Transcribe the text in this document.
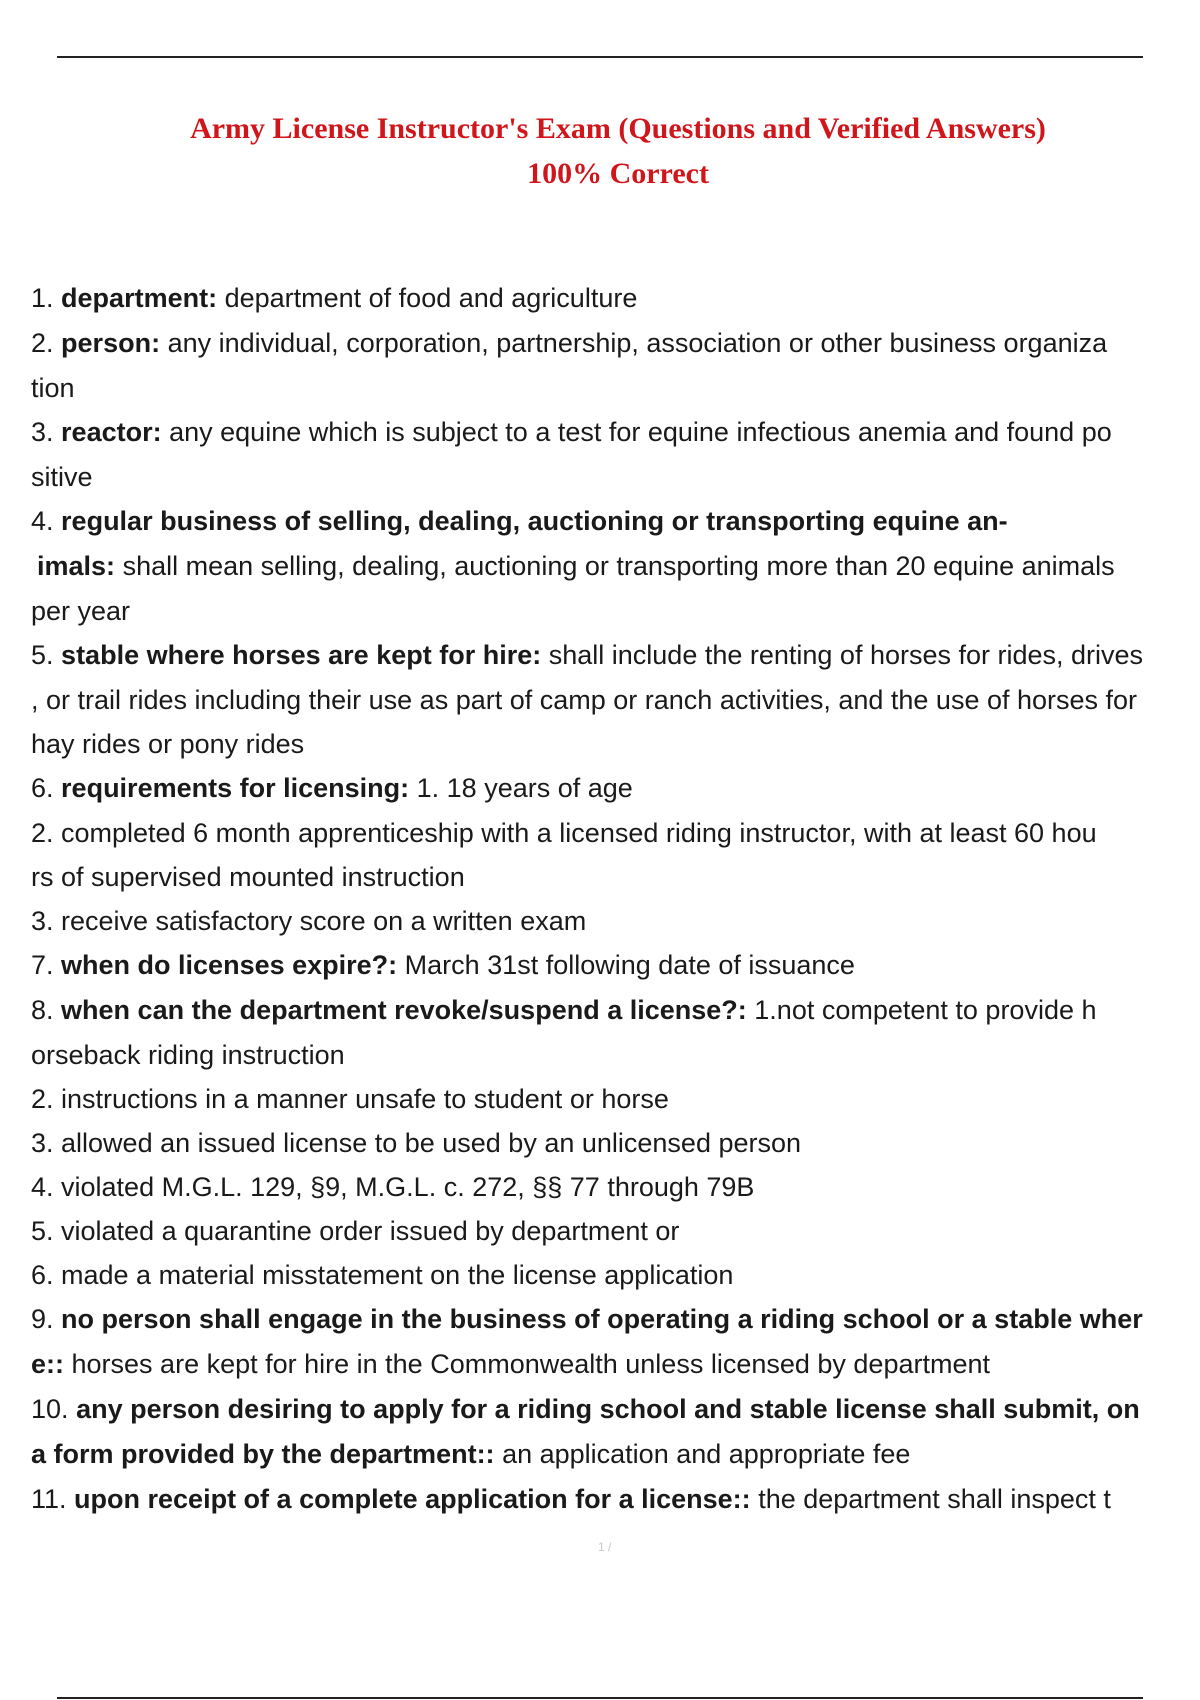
Army License Instructor's Exam (Questions and Verified Answers)
100% Correct
1. department: department of food and agriculture
2. person: any individual, corporation, partnership, association or other business organiza
tion
3. reactor: any equine which is subject to a test for equine infectious anemia and found po
sitive
4. regular business of selling, dealing, auctioning or transporting equine an-
imals: shall mean selling, dealing, auctioning or transporting more than 20 equine animals
per year
5. stable where horses are kept for hire: shall include the renting of horses for rides, drives
, or trail rides including their use as part of camp or ranch activities, and the use of horses for
hay rides or pony rides
6. requirements for licensing: 1. 18 years of age
2. completed 6 month apprenticeship with a licensed riding instructor, with at least 60 hou
rs of supervised mounted instruction
3. receive satisfactory score on a written exam
7. when do licenses expire?: March 31st following date of issuance
8. when can the department revoke/suspend a license?: 1.not competent to provide h
orseback riding instruction
2. instructions in a manner unsafe to student or horse
3. allowed an issued license to be used by an unlicensed person
4. violated M.G.L. 129, §9, M.G.L. c. 272, §§ 77 through 79B
5. violated a quarantine order issued by department or
6. made a material misstatement on the license application
9. no person shall engage in the business of operating a riding school or a stable wher
e:: horses are kept for hire in the Commonwealth unless licensed by department
10. any person desiring to apply for a riding school and stable license shall submit, on
a form provided by the department:: an application and appropriate fee
11. upon receipt of a complete application for a license:: the department shall inspect t
1 /
